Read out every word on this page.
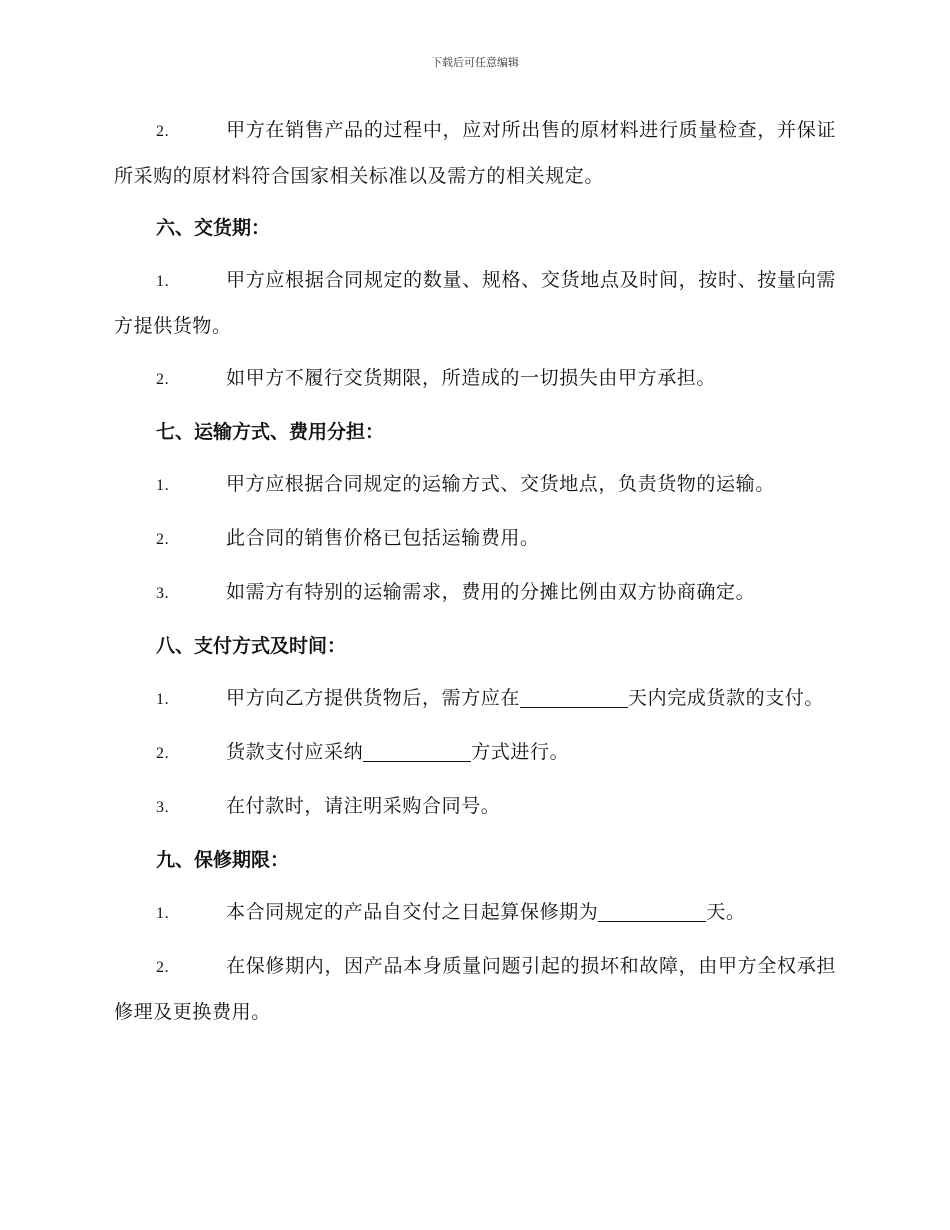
下载后可任意编辑

2.	甲方在销售产品的过程中，应对所出售的原材料进行质量检查，并保证所采购的原材料符合国家相关标准以及需方的相关规定。

六、交货期：

1.	甲方应根据合同规定的数量、规格、交货地点及时间，按时、按量向需方提供货物。

2.	如甲方不履行交货期限，所造成的一切损失由甲方承担。

七、运输方式、费用分担：

1.	甲方应根据合同规定的运输方式、交货地点，负责货物的运输。

2.	此合同的销售价格已包括运输费用。

3.	如需方有特别的运输需求，费用的分摊比例由双方协商确定。

八、支付方式及时间：

1.	甲方向乙方提供货物后，需方应在	天内完成货款的支付。

2.	货款支付应采纳	方式进行。

3.	在付款时，请注明采购合同号。

九、保修期限：

1.	本合同规定的产品自交付之日起算保修期为	天。

2.	在保修期内，因产品本身质量问题引起的损坏和故障，由甲方全权承担修理及更换费用。
